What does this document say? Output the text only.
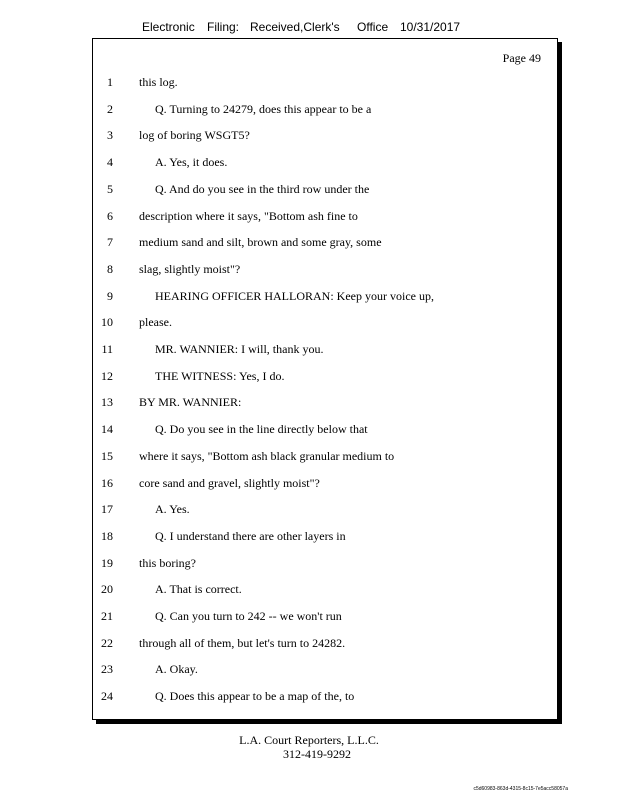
Electronic Filing: Received,Clerk's Office 10/31/2017
Page 49
1 this log.
2	Q. Turning to 24279, does this appear to be a
3 log of boring WSGT5?
4	A. Yes, it does.
5	Q. And do you see in the third row under the
6 description where it says, "Bottom ash fine to
7 medium sand and silt, brown and some gray, some
8 slag, slightly moist"?
9	HEARING OFFICER HALLORAN: Keep your voice up,
10 please.
11	MR. WANNIER: I will, thank you.
12	THE WITNESS: Yes, I do.
13 BY MR. WANNIER:
14	Q. Do you see in the line directly below that
15 where it says, "Bottom ash black granular medium to
16 core sand and gravel, slightly moist"?
17	A. Yes.
18	Q. I understand there are other layers in
19 this boring?
20	A. That is correct.
21	Q. Can you turn to 242 -- we won't run
22 through all of them, but let's turn to 24282.
23	A. Okay.
24	Q. Does this appear to be a map of the, to
L.A. Court Reporters, L.L.C.
312-419-9292
c5d60983-863d-4315-8c15-7e5acc58057a
